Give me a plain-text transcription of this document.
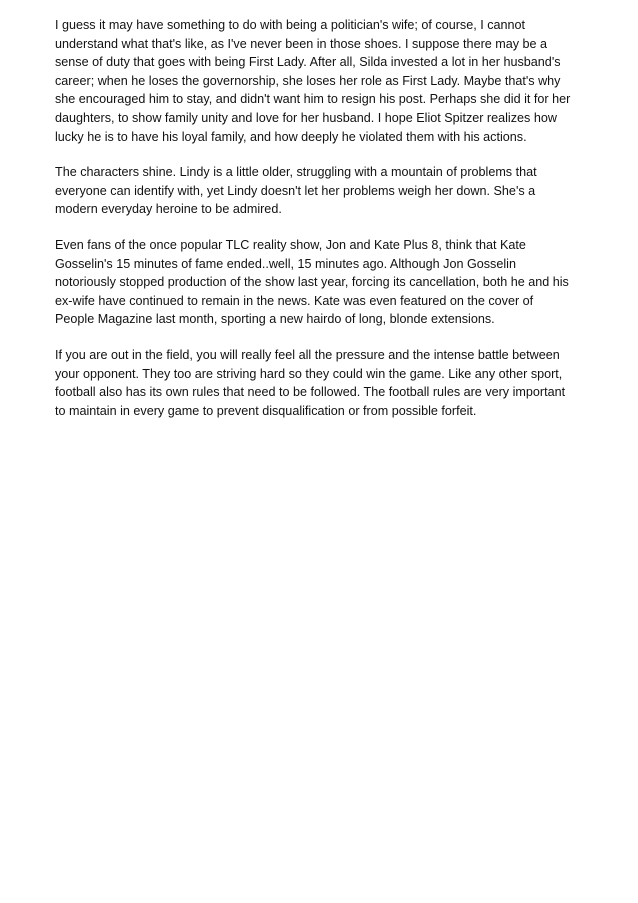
I guess it may have something to do with being a politician's wife; of course, I cannot
understand what that's like, as I've never been in those shoes. I suppose there may be a
sense of duty that goes with being First Lady. After all, Silda invested a lot in her husband's
career; when he loses the governorship, she loses her role as First Lady. Maybe that's why
she encouraged him to stay, and didn't want him to resign his post. Perhaps she did it for her
daughters, to show family unity and love for her husband. I hope Eliot Spitzer realizes how
lucky he is to have his loyal family, and how deeply he violated them with his actions.

The characters shine. Lindy is a little older, struggling with a mountain of problems that
everyone can identify with, yet Lindy doesn't let her problems weigh her down. She's a
modern everyday heroine to be admired.

Even fans of the once popular TLC reality show, Jon and Kate Plus 8, think that Kate
Gosselin's 15 minutes of fame ended..well, 15 minutes ago. Although Jon Gosselin
notoriously stopped production of the show last year, forcing its cancellation, both he and his
ex-wife have continued to remain in the news. Kate was even featured on the cover of
People Magazine last month, sporting a new hairdo of long, blonde extensions.

If you are out in the field, you will really feel all the pressure and the intense battle between
your opponent. They too are striving hard so they could win the game. Like any other sport,
football also has its own rules that need to be followed. The football rules are very important
to maintain in every game to prevent disqualification or from possible forfeit.
